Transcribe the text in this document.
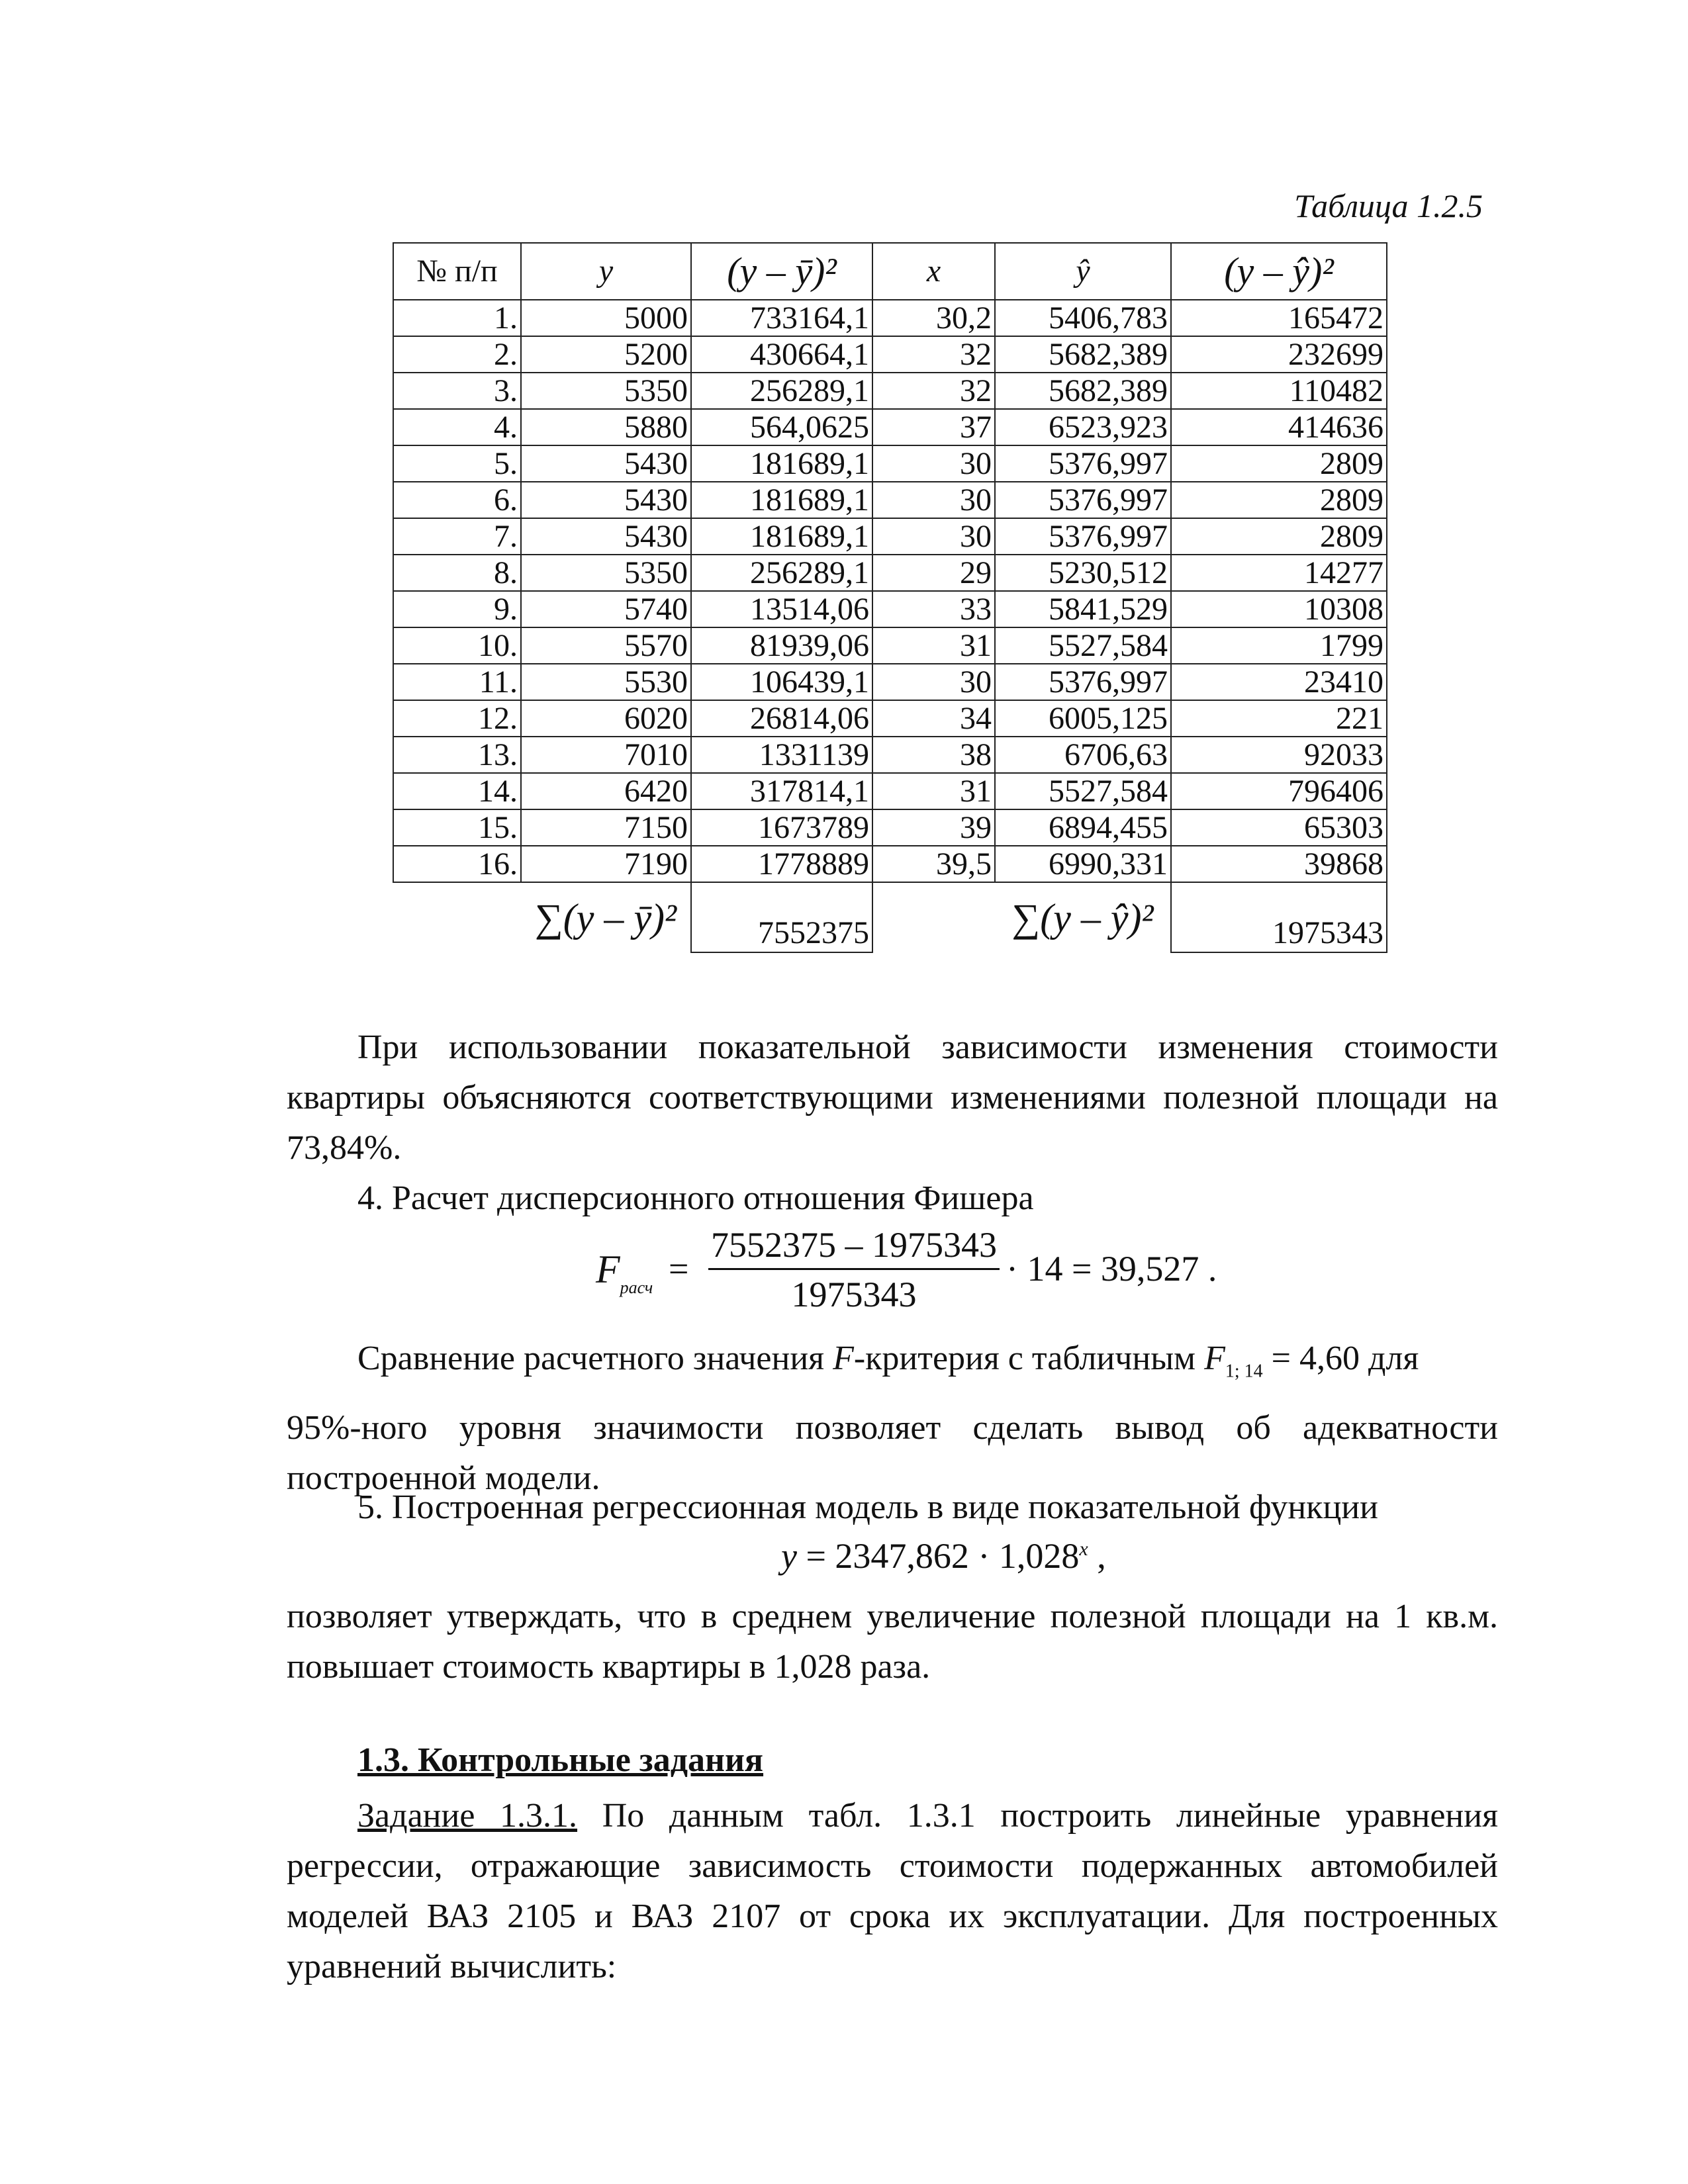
Таблица 1.2.5
№ п/п	y	(y – ȳ)²	x	ŷ	(y – ŷ)²
1.	5000	733164,1	30,2	5406,783	165472
2.	5200	430664,1	32	5682,389	232699
3.	5350	256289,1	32	5682,389	110482
4.	5880	564,0625	37	6523,923	414636
5.	5430	181689,1	30	5376,997	2809
6.	5430	181689,1	30	5376,997	2809
7.	5430	181689,1	30	5376,997	2809
8.	5350	256289,1	29	5230,512	14277
9.	5740	13514,06	33	5841,529	10308
10.	5570	81939,06	31	5527,584	1799
11.	5530	106439,1	30	5376,997	23410
12.	6020	26814,06	34	6005,125	221
13.	7010	1331139	38	6706,63	92033
14.	6420	317814,1	31	5527,584	796406
15.	7150	1673789	39	6894,455	65303
16.	7190	1778889	39,5	6990,331	39868
	∑(y – ȳ)²	7552375		∑(y – ŷ)²	1975343
При использовании показательной зависимости изменения стоимости квартиры объясняются соответствующими изменениями полезной площади на 73,84%.
4. Расчет дисперсионного отношения Фишера
$F_{расч} = \frac{7552375 - 1975343}{1975343} \cdot 14 = 39,527$ .
Сравнение расчетного значения F-критерия с табличным $F_{1; 14} = 4,60$ для
95%-ного уровня значимости позволяет сделать вывод об адекватности построенной модели.
5. Построенная регрессионная модель в виде показательной функции
$y = 2347,862 \cdot 1,028^x$ ,
позволяет утверждать, что в среднем увеличение полезной площади на 1 кв.м. повышает стоимость квартиры в 1,028 раза.
1.3. Контрольные задания
Задание 1.3.1. По данным табл. 1.3.1 построить линейные уравнения регрессии, отражающие зависимость стоимости подержанных автомобилей моделей ВАЗ 2105 и ВАЗ 2107 от срока их эксплуатации. Для построенных уравнений вычислить:
